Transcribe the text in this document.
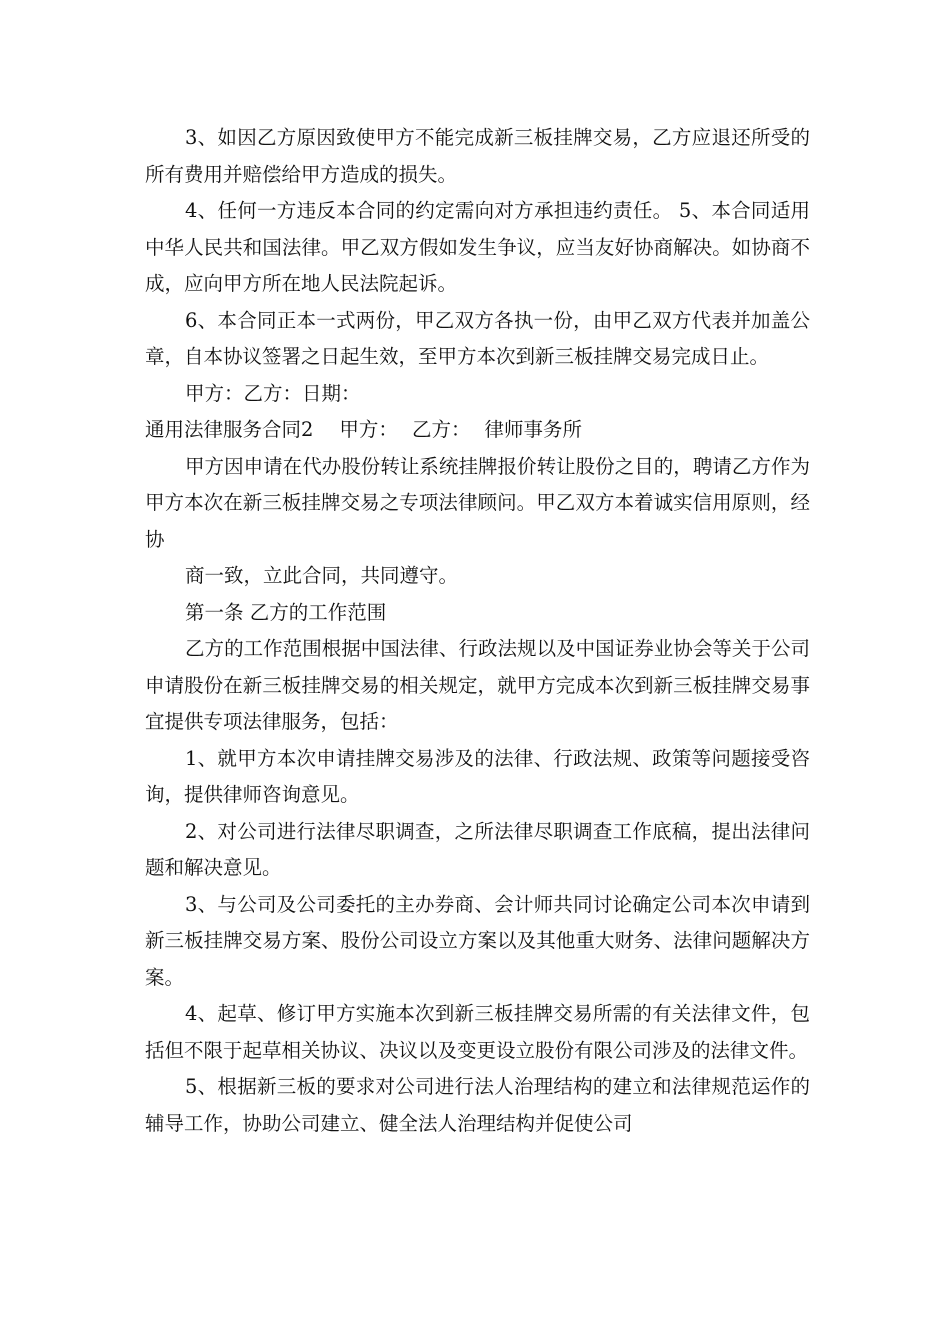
3、如因乙方原因致使甲方不能完成新三板挂牌交易，乙方应退还所受的所有费用并赔偿给甲方造成的损失。

4、任何一方违反本合同的约定需向对方承担违约责任。 5、本合同适用中华人民共和国法律。甲乙双方假如发生争议，应当友好协商解决。如协商不成，应向甲方所在地人民法院起诉。

6、本合同正本一式两份，甲乙双方各执一份，由甲乙双方代表并加盖公章，自本协议签署之日起生效，至甲方本次到新三板挂牌交易完成日止。

甲方：乙方：日期：

通用法律服务合同2 甲方： 乙方： 律师事务所

甲方因申请在代办股份转让系统挂牌报价转让股份之目的，聘请乙方作为甲方本次在新三板挂牌交易之专项法律顾问。甲乙双方本着诚实信用原则，经协

商一致，立此合同，共同遵守。

第一条 乙方的工作范围

乙方的工作范围根据中国法律、行政法规以及中国证券业协会等关于公司申请股份在新三板挂牌交易的相关规定，就甲方完成本次到新三板挂牌交易事宜提供专项法律服务，包括：

1、就甲方本次申请挂牌交易涉及的法律、行政法规、政策等问题接受咨询，提供律师咨询意见。

2、对公司进行法律尽职调查，之所法律尽职调查工作底稿，提出法律问题和解决意见。

3、与公司及公司委托的主办券商、会计师共同讨论确定公司本次申请到新三板挂牌交易方案、股份公司设立方案以及其他重大财务、法律问题解决方案。

4、起草、修订甲方实施本次到新三板挂牌交易所需的有关法律文件，包括但不限于起草相关协议、决议以及变更设立股份有限公司涉及的法律文件。

5、根据新三板的要求对公司进行法人治理结构的建立和法律规范运作的辅导工作，协助公司建立、健全法人治理结构并促使公司
